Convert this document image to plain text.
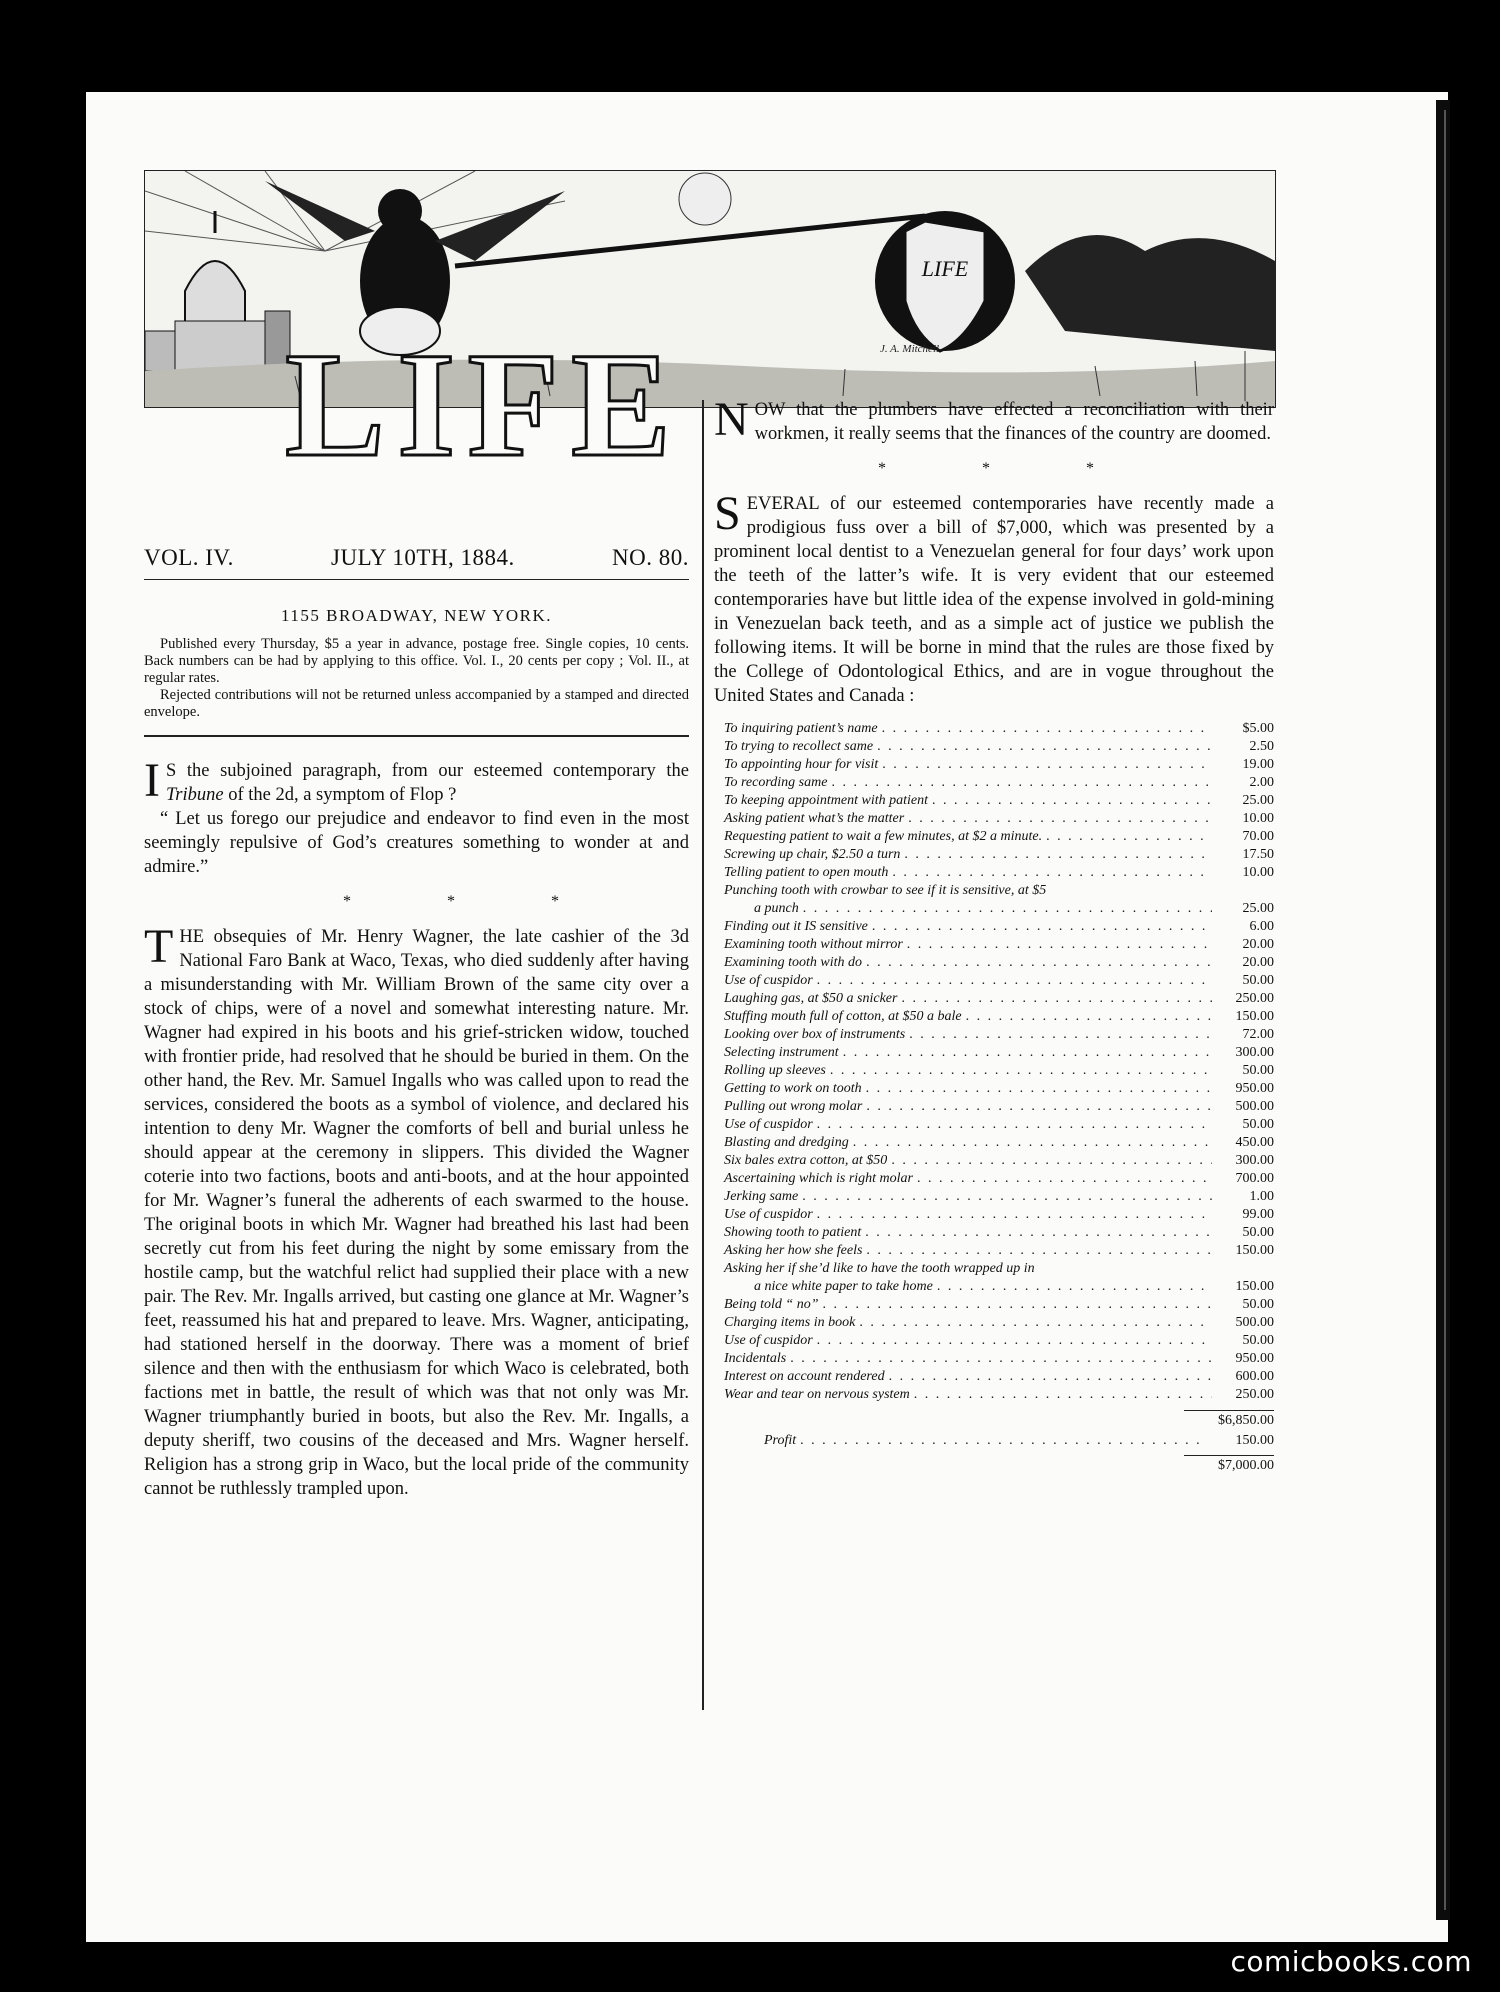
LIFE
LIFE	J. A. Mitchell
VOL. IV.	JULY 10TH, 1884.	NO. 80.
1155 BROADWAY, NEW YORK.

Published every Thursday, $5 a year in advance, postage free. Single copies, 10 cents. Back numbers can be had by applying to this office. Vol. I., 20 cents per copy ; Vol. II., at regular rates.

Rejected contributions will not be returned unless accompanied by a stamped and directed envelope.

I S the subjoined paragraph, from our esteemed contemporary the Tribune of the 2d, a symptom of Flop ?

“ Let us forego our prejudice and endeavor to find even in the most seemingly repulsive of God’s creatures something to wonder at and admire.”

* * *

THE obsequies of Mr. Henry Wagner, the late cashier of the 3d National Faro Bank at Waco, Texas, who died suddenly after having a misunderstanding with Mr. William Brown of the same city over a stock of chips, were of a novel and somewhat interesting nature. Mr. Wagner had expired in his boots and his grief-stricken widow, touched with frontier pride, had resolved that he should be buried in them. On the other hand, the Rev. Mr. Samuel Ingalls who was called upon to read the services, considered the boots as a symbol of violence, and declared his intention to deny Mr. Wagner the comforts of bell and burial unless he should appear at the ceremony in slippers. This divided the Wagner coterie into two factions, boots and anti-boots, and at the hour appointed for Mr. Wagner’s funeral the adherents of each swarmed to the house. The original boots in which Mr. Wagner had breathed his last had been secretly cut from his feet during the night by some emissary from the hostile camp, but the watchful relict had supplied their place with a new pair. The Rev. Mr. Ingalls arrived, but casting one glance at Mr. Wagner’s feet, reassumed his hat and prepared to leave. Mrs. Wagner, anticipating, had stationed herself in the doorway. There was a moment of brief silence and then with the enthusiasm for which Waco is celebrated, both factions met in battle, the result of which was that not only was Mr. Wagner triumphantly buried in boots, but also the Rev. Mr. Ingalls, a deputy sheriff, two cousins of the deceased and Mrs. Wagner herself. Religion has a strong grip in Waco, but the local pride of the community cannot be ruthlessly trampled upon.

NOW that the plumbers have effected a reconciliation with their workmen, it really seems that the finances of the country are doomed.

* * *

SEVERAL of our esteemed contemporaries have recently made a prodigious fuss over a bill of $7,000, which was presented by a prominent local dentist to a Venezuelan general for four days’ work upon the teeth of the latter’s wife. It is very evident that our esteemed contemporaries have but little idea of the expense involved in gold-mining in Venezuelan back teeth, and as a simple act of justice we publish the following items. It will be borne in mind that the rules are those fixed by the College of Odontological Ethics, and are in vogue throughout the United States and Canada :

To inquiring patient’s name . . .	$5.00
To trying to recollect same . . .	2.50
To appointing hour for visit . . .	19.00
To recording same . . .	2.00
To keeping appointment with patient . . .	25.00
Asking patient what’s the matter . . .	10.00
Requesting patient to wait a few minutes, at $2 a minute. . . .	70.00
Screwing up chair, $2.50 a turn . . .	17.50
Telling patient to open mouth . . .	10.00
Punching tooth with crowbar to see if it is sensitive, at $5
a punch . . .	25.00
Finding out it IS sensitive . . .	6.00
Examining tooth without mirror . . .	20.00
Examining tooth with do . . .	20.00
Use of cuspidor . . .	50.00
Laughing gas, at $50 a snicker . . .	250.00
Stuffing mouth full of cotton, at $50 a bale . . .	150.00
Looking over box of instruments . . .	72.00
Selecting instrument . . .	300.00
Rolling up sleeves . . .	50.00
Getting to work on tooth . . .	950.00
Pulling out wrong molar . . .	500.00
Use of cuspidor . . .	50.00
Blasting and dredging . . .	450.00
Six bales extra cotton, at $50 . . .	300.00
Ascertaining which is right molar . . .	700.00
Jerking same . . .	1.00
Use of cuspidor . . .	99.00
Showing tooth to patient . . .	50.00
Asking her how she feels . . .	150.00
Asking her if she’d like to have the tooth wrapped up in
a nice white paper to take home . . .	150.00
Being told “ no” . . .	50.00
Charging items in book . . .	500.00
Use of cuspidor . . .	50.00
Incidentals . . .	950.00
Interest on account rendered . . .	600.00
Wear and tear on nervous system . . .	250.00
$6,850.00
Profit . . .	150.00
$7,000.00
comicbooks.com
